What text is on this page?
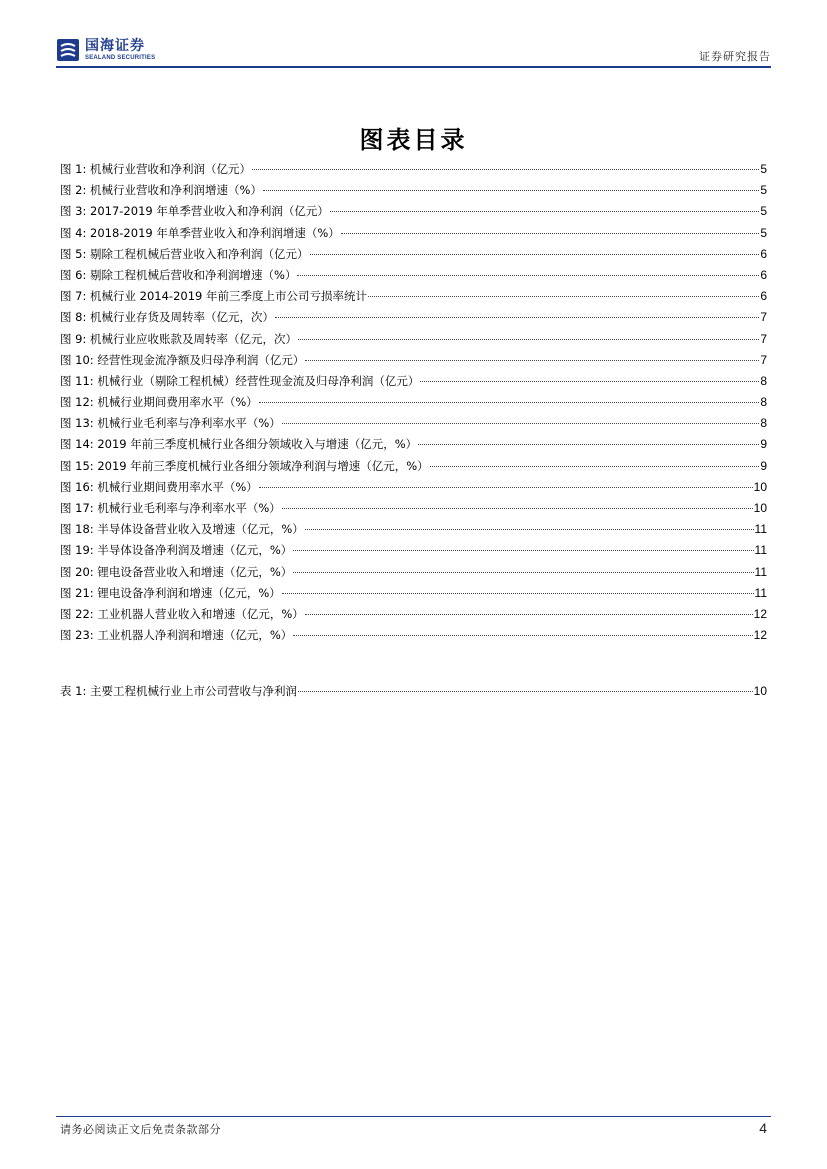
国海证券
SEALAND SECURITIES	证券研究报告
图表目录
图 1: 机械行业营收和净利润（亿元）	5
图 2: 机械行业营收和净利润增速（%）	5
图 3: 2017-2019 年单季营业收入和净利润（亿元）	5
图 4: 2018-2019 年单季营业收入和净利润增速（%）	5
图 5: 剔除工程机械后营业收入和净利润（亿元）	6
图 6: 剔除工程机械后营收和净利润增速（%）	6
图 7: 机械行业 2014-2019 年前三季度上市公司亏损率统计	6
图 8: 机械行业存货及周转率（亿元，次）	7
图 9: 机械行业应收账款及周转率（亿元，次）	7
图 10: 经营性现金流净额及归母净利润（亿元）	7
图 11: 机械行业（剔除工程机械）经营性现金流及归母净利润（亿元）	8
图 12: 机械行业期间费用率水平（%）	8
图 13: 机械行业毛利率与净利率水平（%）	8
图 14: 2019 年前三季度机械行业各细分领域收入与增速（亿元，%）	9
图 15: 2019 年前三季度机械行业各细分领域净利润与增速（亿元，%）	9
图 16: 机械行业期间费用率水平（%）	10
图 17: 机械行业毛利率与净利率水平（%）	10
图 18: 半导体设备营业收入及增速（亿元，%）	11
图 19: 半导体设备净利润及增速（亿元，%）	11
图 20: 锂电设备营业收入和增速（亿元，%）	11
图 21: 锂电设备净利润和增速（亿元，%）	11
图 22: 工业机器人营业收入和增速（亿元，%）	12
图 23: 工业机器人净利润和增速（亿元，%）	12
表 1: 主要工程机械行业上市公司营收与净利润	10
请务必阅读正文后免责条款部分	4
